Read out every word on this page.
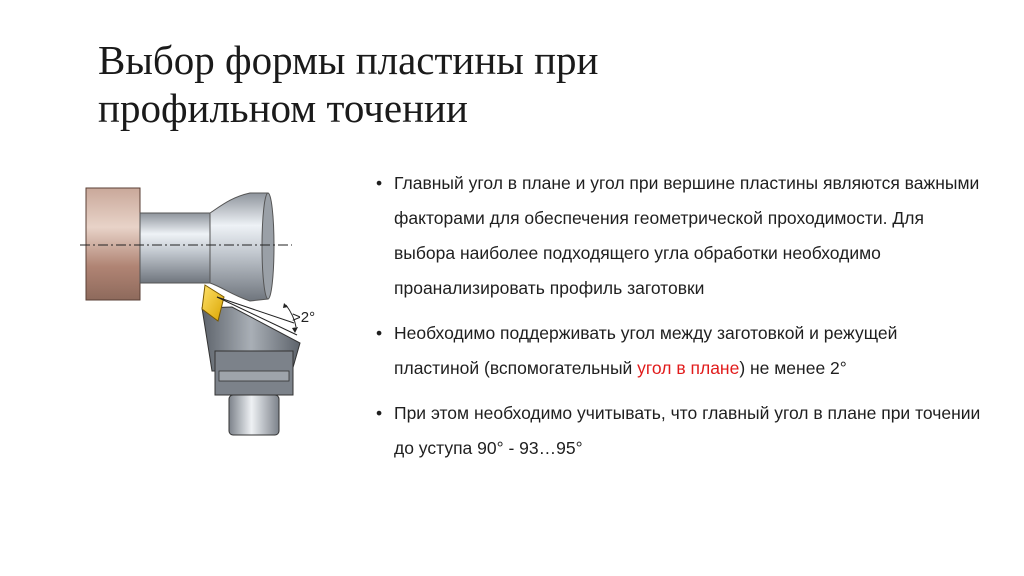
Выбор формы пластины при
профильном точении
>2°
• Главный угол в плане и угол при вершине пластины являются важными факторами для обеспечения геометрической проходимости. Для выбора наиболее подходящего угла обработки необходимо проанализировать профиль заготовки
• Необходимо поддерживать угол между заготовкой и режущей пластиной (вспомогательный угол в плане) не менее 2°
• При этом необходимо учитывать, что главный угол в плане при точении до уступа 90° - 93…95°
